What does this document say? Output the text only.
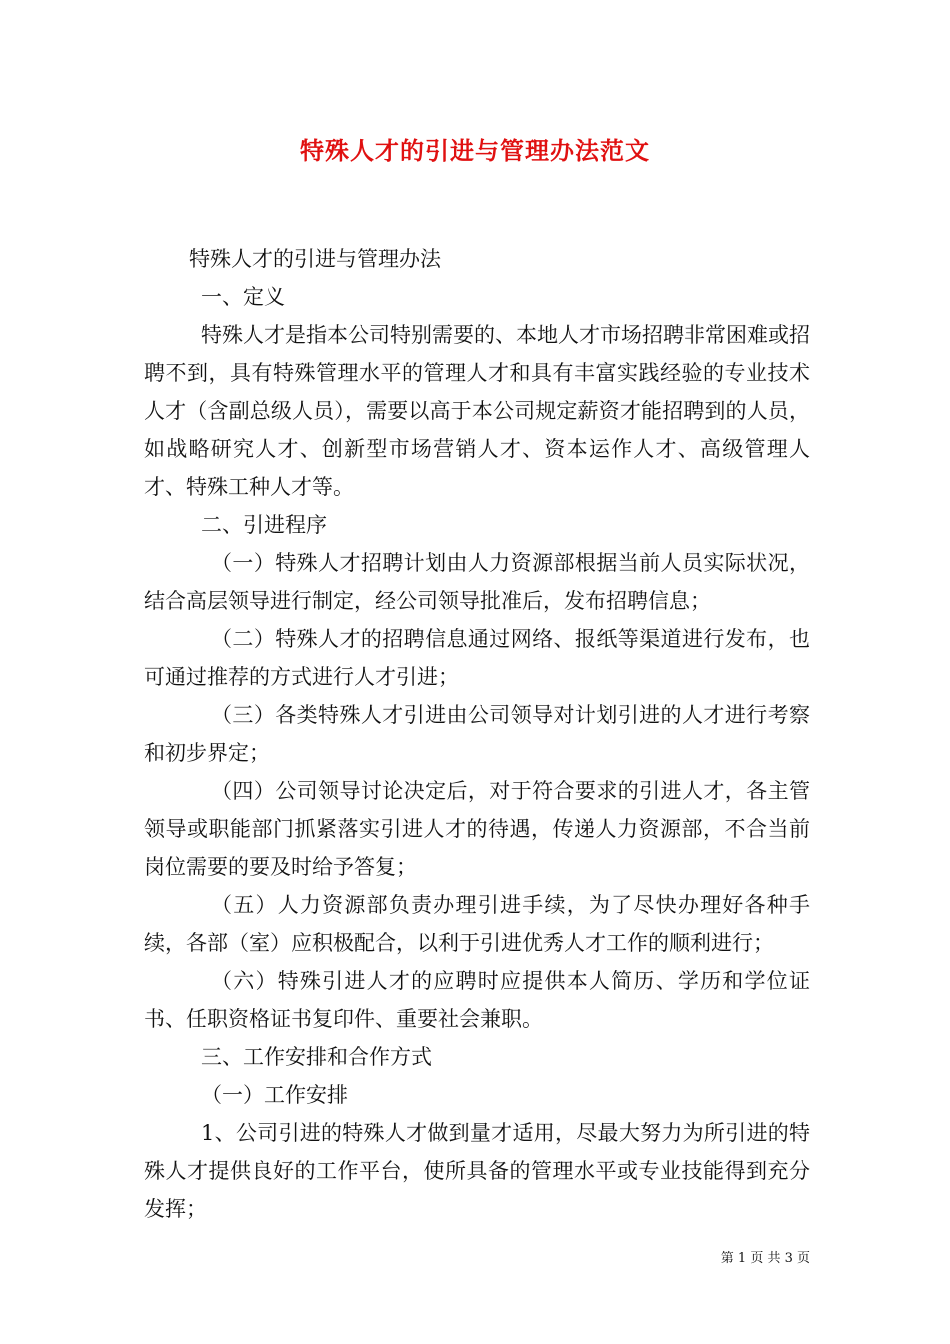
特殊人才的引进与管理办法范文

特殊人才的引进与管理办法

一、定义

特殊人才是指本公司特别需要的、本地人才市场招聘非常困难或招聘不到，具有特殊管理水平的管理人才和具有丰富实践经验的专业技术人才（含副总级人员），需要以高于本公司规定薪资才能招聘到的人员，如战略研究人才、创新型市场营销人才、资本运作人才、高级管理人才、特殊工种人才等。

二、引进程序

（一）特殊人才招聘计划由人力资源部根据当前人员实际状况，结合高层领导进行制定，经公司领导批准后，发布招聘信息；

（二）特殊人才的招聘信息通过网络、报纸等渠道进行发布，也可通过推荐的方式进行人才引进；

（三）各类特殊人才引进由公司领导对计划引进的人才进行考察和初步界定；

（四）公司领导讨论决定后，对于符合要求的引进人才，各主管领导或职能部门抓紧落实引进人才的待遇，传递人力资源部，不合当前岗位需要的要及时给予答复；

（五）人力资源部负责办理引进手续，为了尽快办理好各种手续，各部（室）应积极配合，以利于引进优秀人才工作的顺利进行；

（六）特殊引进人才的应聘时应提供本人简历、学历和学位证书、任职资格证书复印件、重要社会兼职。

三、工作安排和合作方式

（一）工作安排

1、公司引进的特殊人才做到量才适用，尽最大努力为所引进的特殊人才提供良好的工作平台，使所具备的管理水平或专业技能得到充分发挥；

第 1 页 共 3 页
